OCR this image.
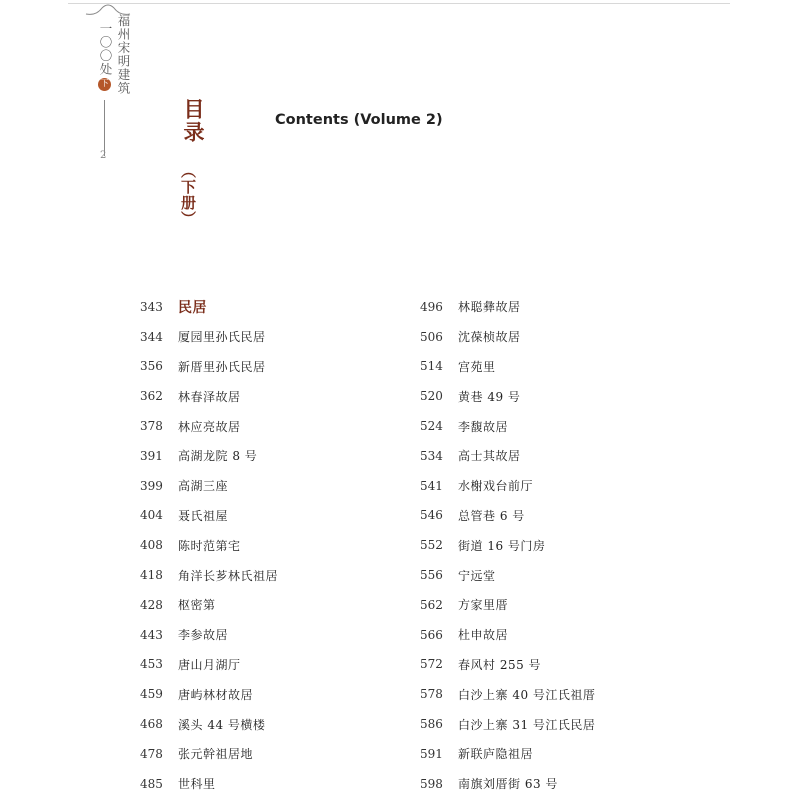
福州宋明建筑
一〇〇处
下
2
目录
（下册）
Contents (Volume 2)
343	民居
344	厦园里孙氏民居
356	新厝里孙氏民居
362	林春泽故居
378	林应亮故居
391	高湖龙院 8 号
399	高湖三座
404	聂氏祖屋
408	陈时范第宅
418	角洋长芗林氏祖居
428	枢密第
443	李参故居
453	唐山月湖厅
459	唐屿林材故居
468	溪头 44 号横楼
478	张元幹祖居地
485	世科里
496	林聪彝故居
506	沈葆桢故居
514	宫苑里
520	黄巷 49 号
524	李馥故居
534	高士其故居
541	水榭戏台前厅
546	总管巷 6 号
552	街道 16 号门房
556	宁远堂
562	方家里厝
566	杜申故居
572	春风村 255 号
578	白沙上寨 40 号江氏祖厝
586	白沙上寨 31 号江氏民居
591	新联庐隐祖居
598	南旗刘厝街 63 号
